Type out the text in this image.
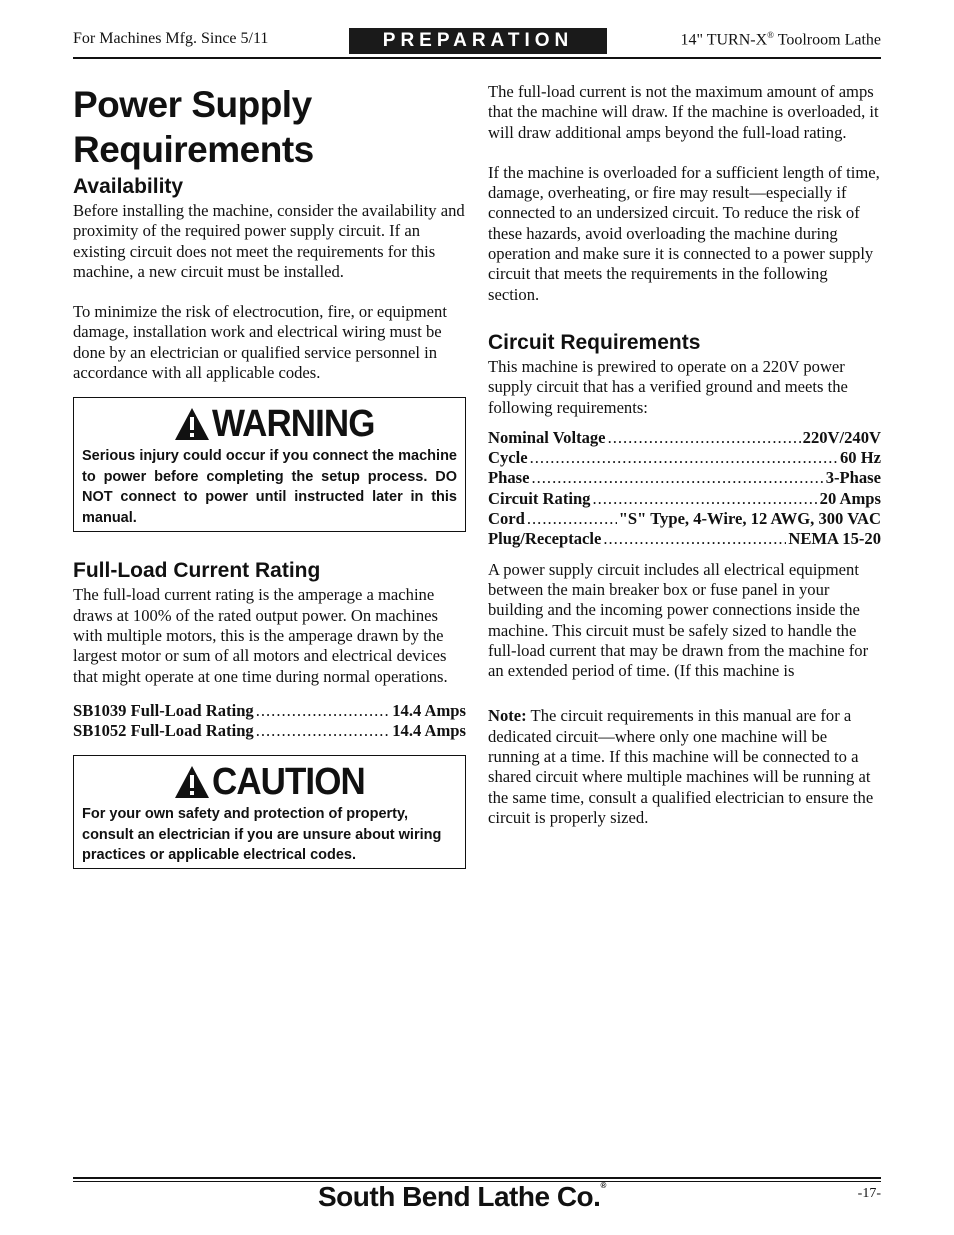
For Machines Mfg. Since 5/11	PREPARATION	14" TURN-X® Toolroom Lathe
Power Supply
Requirements
Availability

Before installing the machine, consider the availability and proximity of the required power supply circuit. If an existing circuit does not meet the requirements for this machine, a new circuit must be installed.

To minimize the risk of electrocution, fire, or equipment damage, installation work and electrical wiring must be done by an electrician or qualified service personnel in accordance with all applicable codes.

WARNING
Serious injury could occur if you connect the machine to power before completing the setup process. DO NOT connect to power until instructed later in this manual.
Full-Load Current Rating

The full-load current rating is the amperage a machine draws at 100% of the rated output power. On machines with multiple motors, this is the amperage drawn by the largest motor or sum of all motors and electrical devices that might operate at one time during normal operations.

SB1039 Full-Load Rating .....	14.4 Amps
SB1052 Full-Load Rating .....	14.4 Amps
CAUTION
For your own safety and protection of property, consult an electrician if you are unsure about wiring practices or applicable electrical codes.

The full-load current is not the maximum amount of amps that the machine will draw. If the machine is overloaded, it will draw additional amps beyond the full-load rating.

If the machine is overloaded for a sufficient length of time, damage, overheating, or fire may result—especially if connected to an undersized circuit. To reduce the risk of these hazards, avoid overloading the machine during operation and make sure it is connected to a power supply circuit that meets the requirements in the following section.

Circuit Requirements

This machine is prewired to operate on a 220V power supply circuit that has a verified ground and meets the following requirements:

Nominal Voltage .....	220V/240V
Cycle .....	60 Hz
Phase .....	3-Phase
Circuit Rating .....	20 Amps
Cord .....	"S" Type, 4-Wire, 12 AWG, 300 VAC
Plug/Receptacle .....	NEMA 15-20

A power supply circuit includes all electrical equipment between the main breaker box or fuse panel in your building and the incoming power connections inside the machine. This circuit must be safely sized to handle the full-load current that may be drawn from the machine for an extended period of time. (If this machine is

Note: The circuit requirements in this manual are for a dedicated circuit—where only one machine will be running at a time. If this machine will be connected to a shared circuit where multiple machines will be running at the same time, consult a qualified electrician to ensure the circuit is properly sized.

South Bend Lathe Co.®
-17-
